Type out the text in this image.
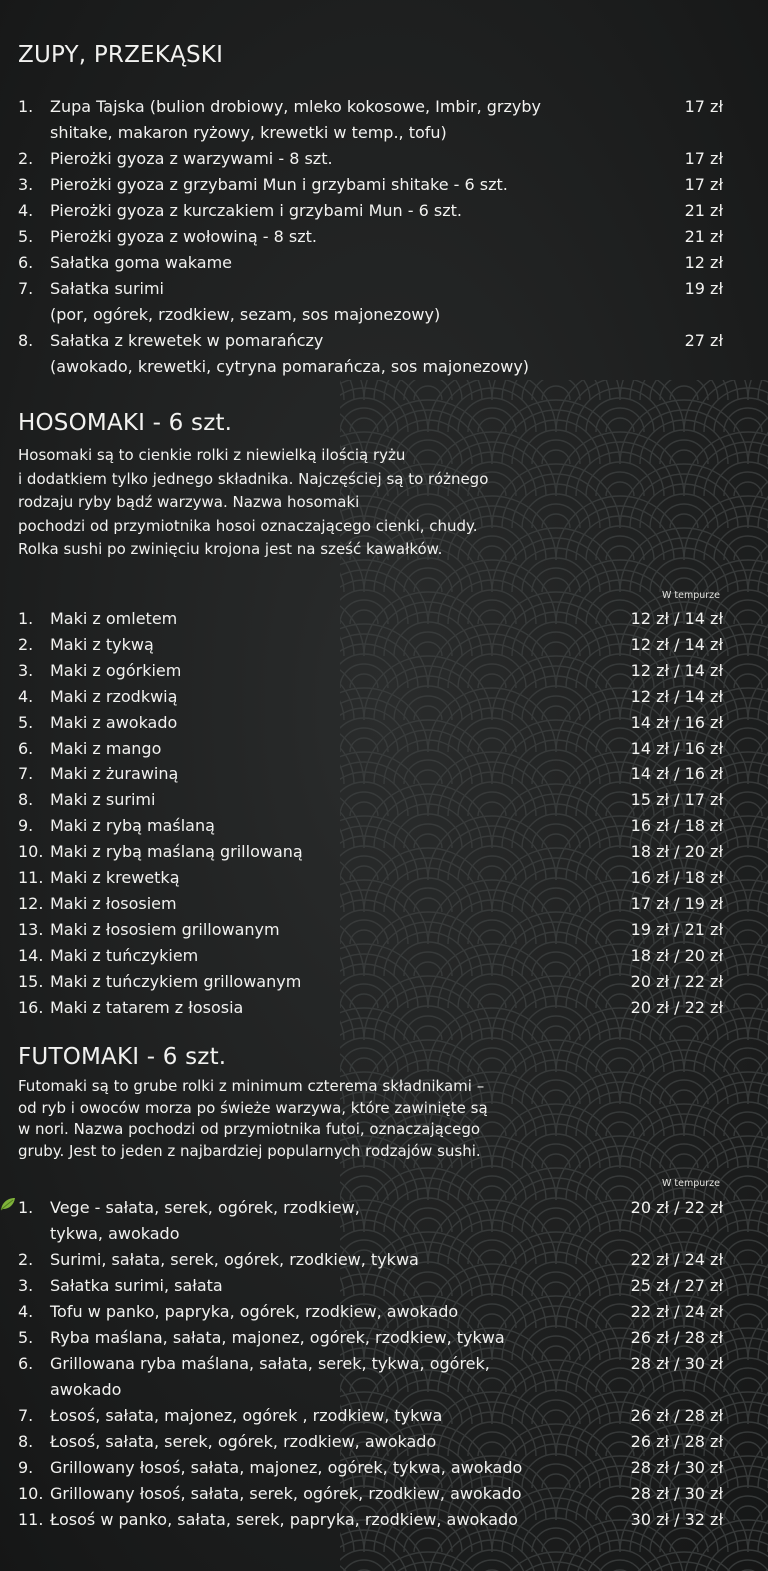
ZUPY, PRZEKĄSKI
1. Zupa Tajska (bulion drobiowy, mleko kokosowe, Imbir, grzyby
shitake, makaron ryżowy, krewetki w temp., tofu)
17 zł
2. Pierożki gyoza z warzywami - 8 szt.	17 zł
3. Pierożki gyoza z grzybami Mun i grzybami shitake - 6 szt.	17 zł
4. Pierożki gyoza z kurczakiem i grzybami Mun - 6 szt.	21 zł
5. Pierożki gyoza z wołowiną - 8 szt.	21 zł
6. Sałatka goma wakame	12 zł
7. Sałatka surimi
(por, ogórek, rzodkiew, sezam, sos majonezowy)
19 zł
8. Sałatka z krewetek w pomarańczy
(awokado, krewetki, cytryna pomarańcza, sos majonezowy)
27 zł
HOSOMAKI - 6 szt.
Hosomaki są to cienkie rolki z niewielką ilością ryżu
i dodatkiem tylko jednego składnika. Najczęściej są to różnego
rodzaju ryby bądź warzywa. Nazwa hosomaki
pochodzi od przymiotnika hosoi oznaczającego cienki, chudy.
Rolka sushi po zwinięciu krojona jest na sześć kawałków.
W tempurze
1. Maki z omletem	12 zł / 14 zł
2. Maki z tykwą	12 zł / 14 zł
3. Maki z ogórkiem	12 zł / 14 zł
4. Maki z rzodkwią	12 zł / 14 zł
5. Maki z awokado	14 zł / 16 zł
6. Maki z mango	14 zł / 16 zł
7. Maki z żurawiną	14 zł / 16 zł
8. Maki z surimi	15 zł / 17 zł
9. Maki z rybą maślaną	16 zł / 18 zł
10. Maki z rybą maślaną grillowaną	18 zł / 20 zł
11. Maki z krewetką	16 zł / 18 zł
12. Maki z łososiem	17 zł / 19 zł
13. Maki z łososiem grillowanym	19 zł / 21 zł
14. Maki z tuńczykiem	18 zł / 20 zł
15. Maki z tuńczykiem grillowanym	20 zł / 22 zł
16. Maki z tatarem z łososia	20 zł / 22 zł
FUTOMAKI - 6 szt.
Futomaki są to grube rolki z minimum czterema składnikami –
od ryb i owoców morza po świeże warzywa, które zawinięte są
w nori. Nazwa pochodzi od przymiotnika futoi, oznaczającego
gruby. Jest to jeden z najbardziej popularnych rodzajów sushi.
W tempurze
1. Vege - sałata, serek, ogórek, rzodkiew,
tykwa, awokado
20 zł / 22 zł
2. Surimi, sałata, serek, ogórek, rzodkiew, tykwa	22 zł / 24 zł
3. Sałatka surimi, sałata	25 zł / 27 zł
4. Tofu w panko, papryka, ogórek, rzodkiew, awokado	22 zł / 24 zł
5. Ryba maślana, sałata, majonez, ogórek, rzodkiew, tykwa	26 zł / 28 zł
6. Grillowana ryba maślana, sałata, serek, tykwa, ogórek,
awokado
28 zł / 30 zł
7. Łosoś, sałata, majonez, ogórek , rzodkiew, tykwa	26 zł / 28 zł
8. Łosoś, sałata, serek, ogórek, rzodkiew, awokado	26 zł / 28 zł
9. Grillowany łosoś, sałata, majonez, ogórek, tykwa, awokado	28 zł / 30 zł
10. Grillowany łosoś, sałata, serek, ogórek, rzodkiew, awokado	28 zł / 30 zł
11. Łosoś w panko, sałata, serek, papryka, rzodkiew, awokado	30 zł / 32 zł
